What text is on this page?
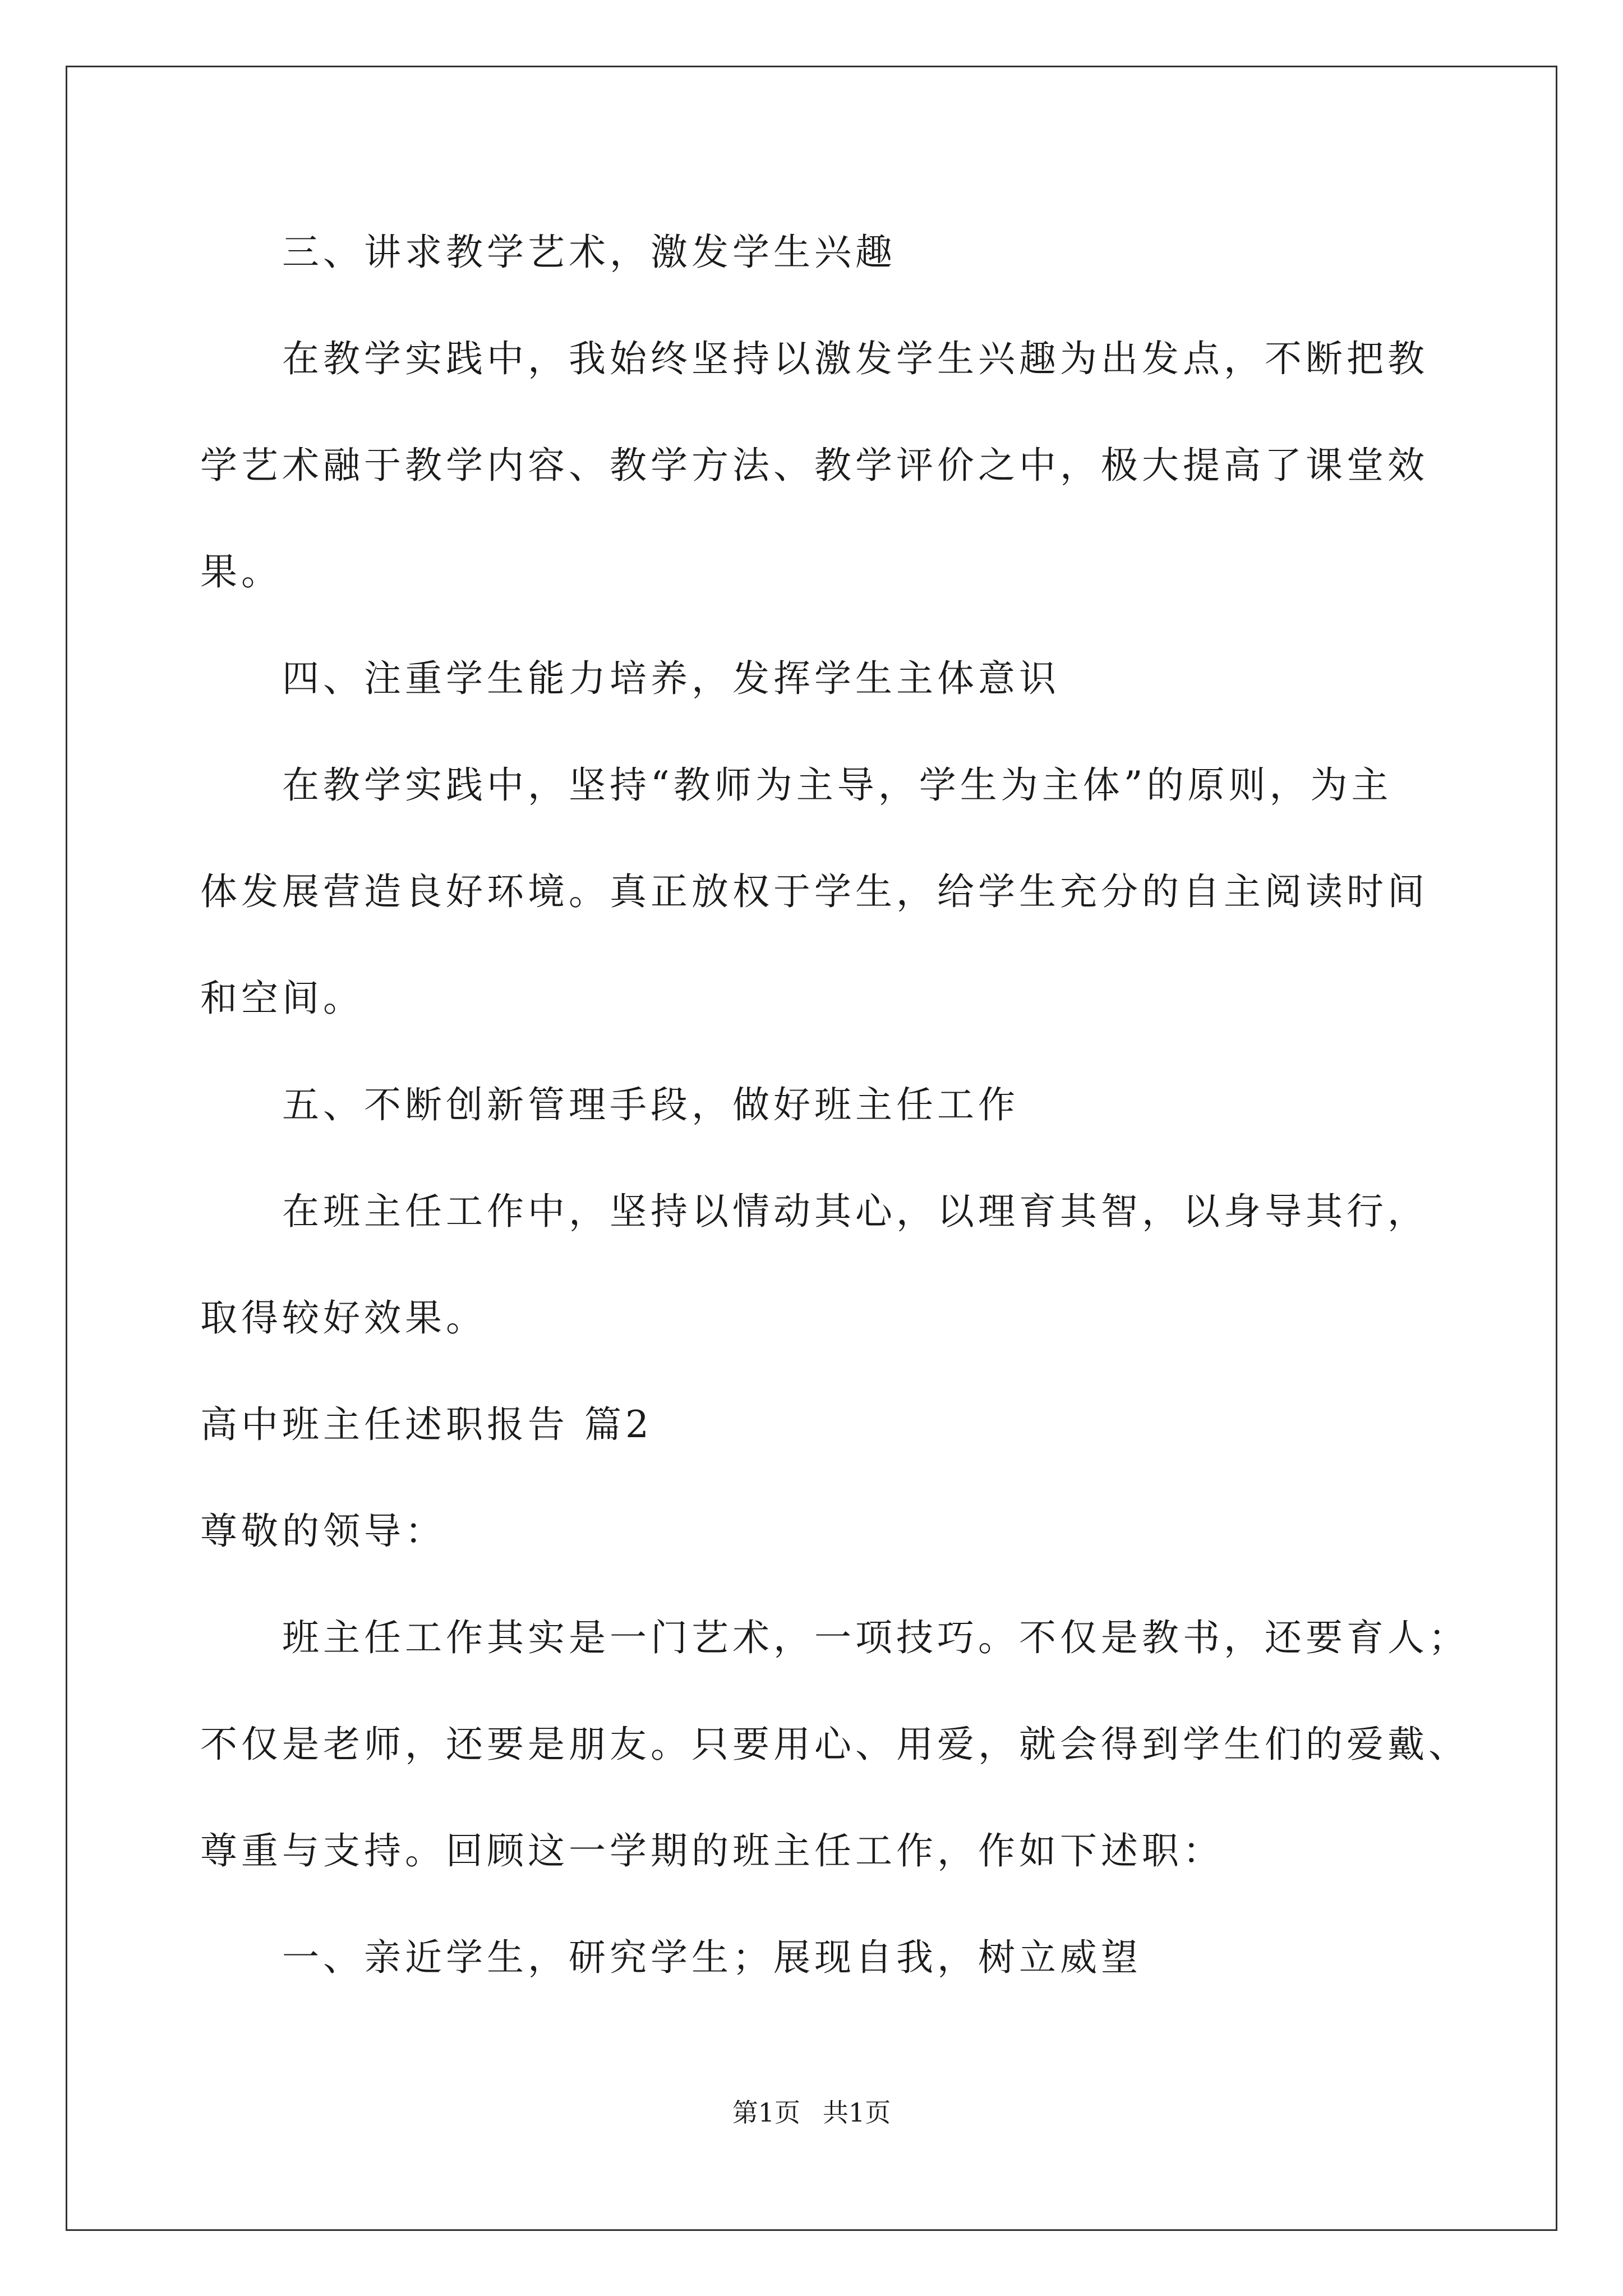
三、讲求教学艺术，激发学生兴趣
在教学实践中，我始终坚持以激发学生兴趣为出发点，不断把教
学艺术融于教学内容、教学方法、教学评价之中，极大提高了课堂效
果。
四、注重学生能力培养，发挥学生主体意识
在教学实践中，坚持“教师为主导，学生为主体”的原则，为主
体发展营造良好环境。真正放权于学生，给学生充分的自主阅读时间
和空间。
五、不断创新管理手段，做好班主任工作
在班主任工作中，坚持以情动其心，以理育其智，以身导其行，
取得较好效果。
高中班主任述职报告 篇2
尊敬的领导：
班主任工作其实是一门艺术，一项技巧。不仅是教书，还要育人；
不仅是老师，还要是朋友。只要用心、用爱，就会得到学生们的爱戴、
尊重与支持。回顾这一学期的班主任工作，作如下述职：
一、亲近学生，研究学生；展现自我，树立威望
第1页 共1页
